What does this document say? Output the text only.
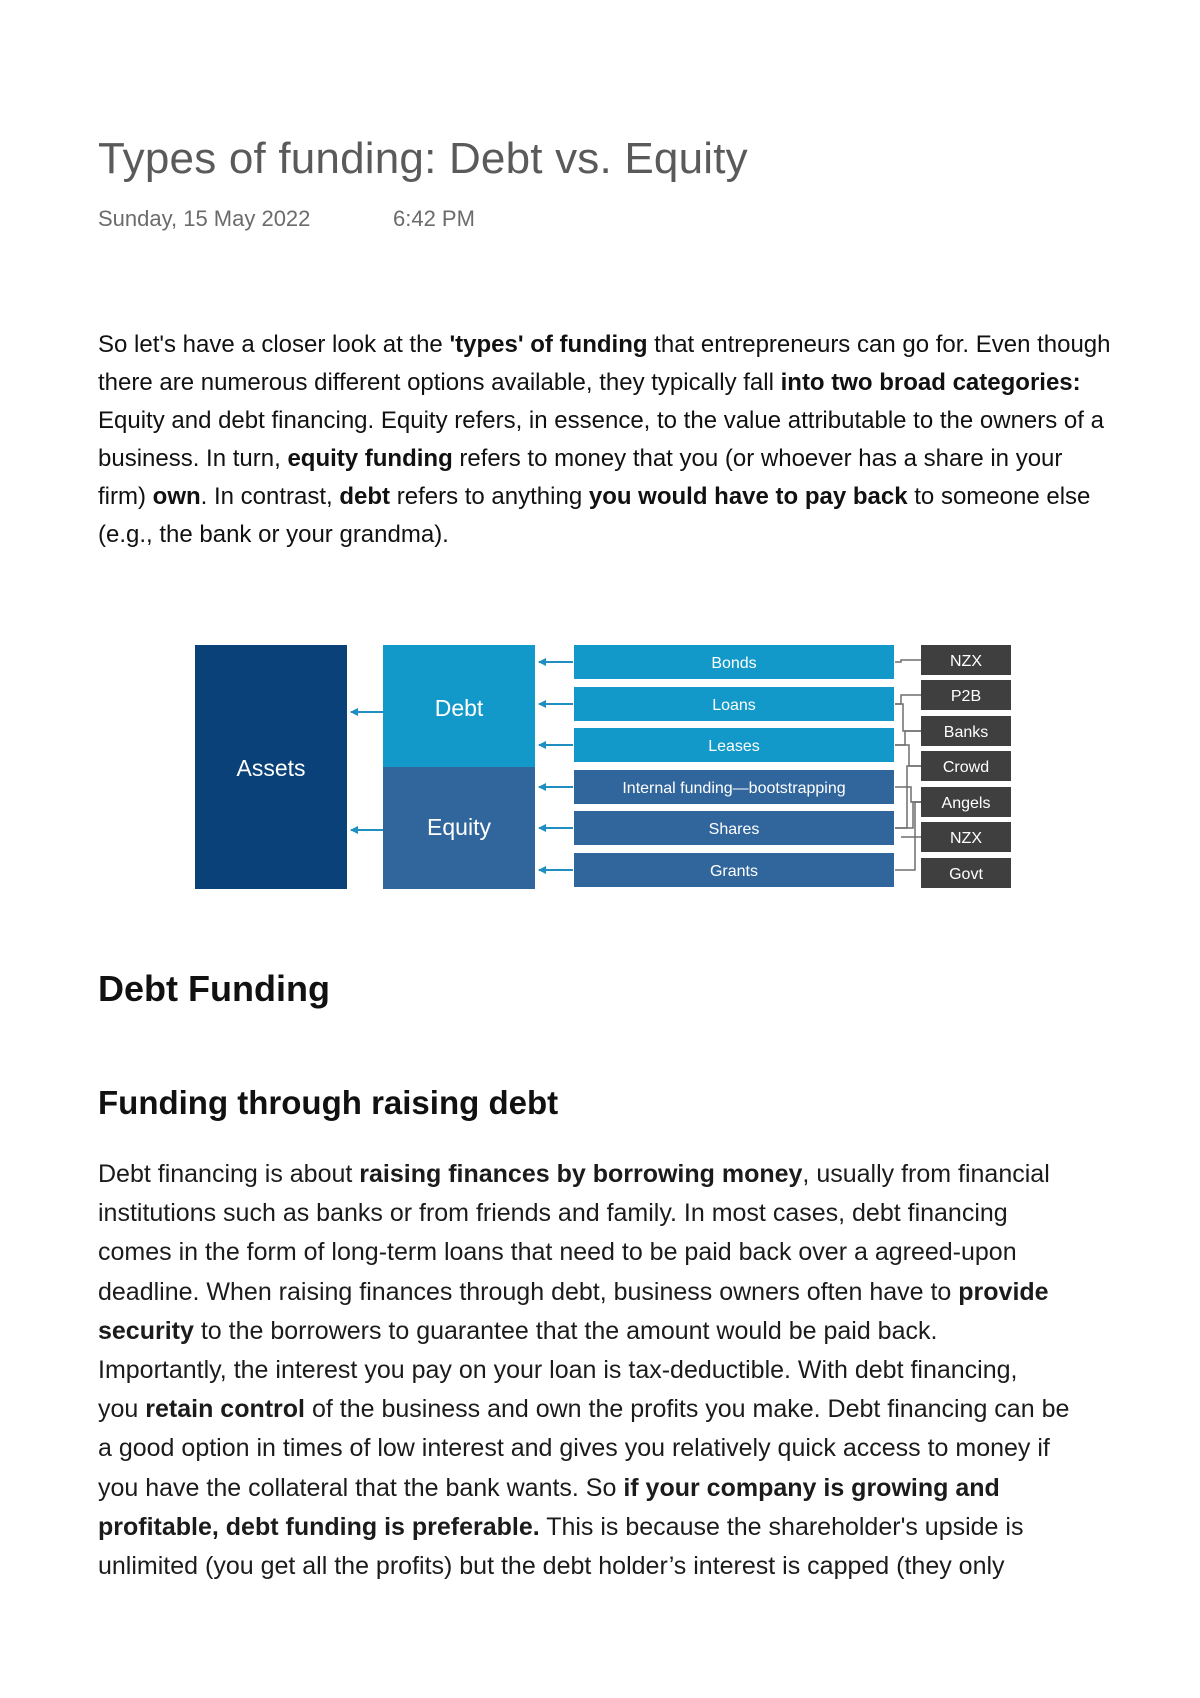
Types of funding: Debt vs. Equity
Sunday, 15 May 2022	6:42 PM

So let's have a closer look at the 'types' of funding that entrepreneurs can go for. Even though
there are numerous different options available, they typically fall into two broad categories:
Equity and debt financing. Equity refers, in essence, to the value attributable to the owners of a
business. In turn, equity funding refers to money that you (or whoever has a share in your
firm) own. In contrast, debt refers to anything you would have to pay back to someone else
(e.g., the bank or your grandma).

Assets
Debt
Equity
Bonds
Loans
Leases
Internal funding—bootstrapping
Shares
Grants
NZX
P2B
Banks
Crowd
Angels
NZX
Govt
Debt Funding
Funding through raising debt

Debt financing is about raising finances by borrowing money, usually from financial
institutions such as banks or from friends and family. In most cases, debt financing
comes in the form of long-term loans that need to be paid back over a agreed-upon
deadline. When raising finances through debt, business owners often have to provide
security to the borrowers to guarantee that the amount would be paid back.
Importantly, the interest you pay on your loan is tax-deductible. With debt financing,
you retain control of the business and own the profits you make. Debt financing can be
a good option in times of low interest and gives you relatively quick access to money if
you have the collateral that the bank wants. So if your company is growing and
profitable, debt funding is preferable. This is because the shareholder's upside is
unlimited (you get all the profits) but the debt holder’s interest is capped (they only
